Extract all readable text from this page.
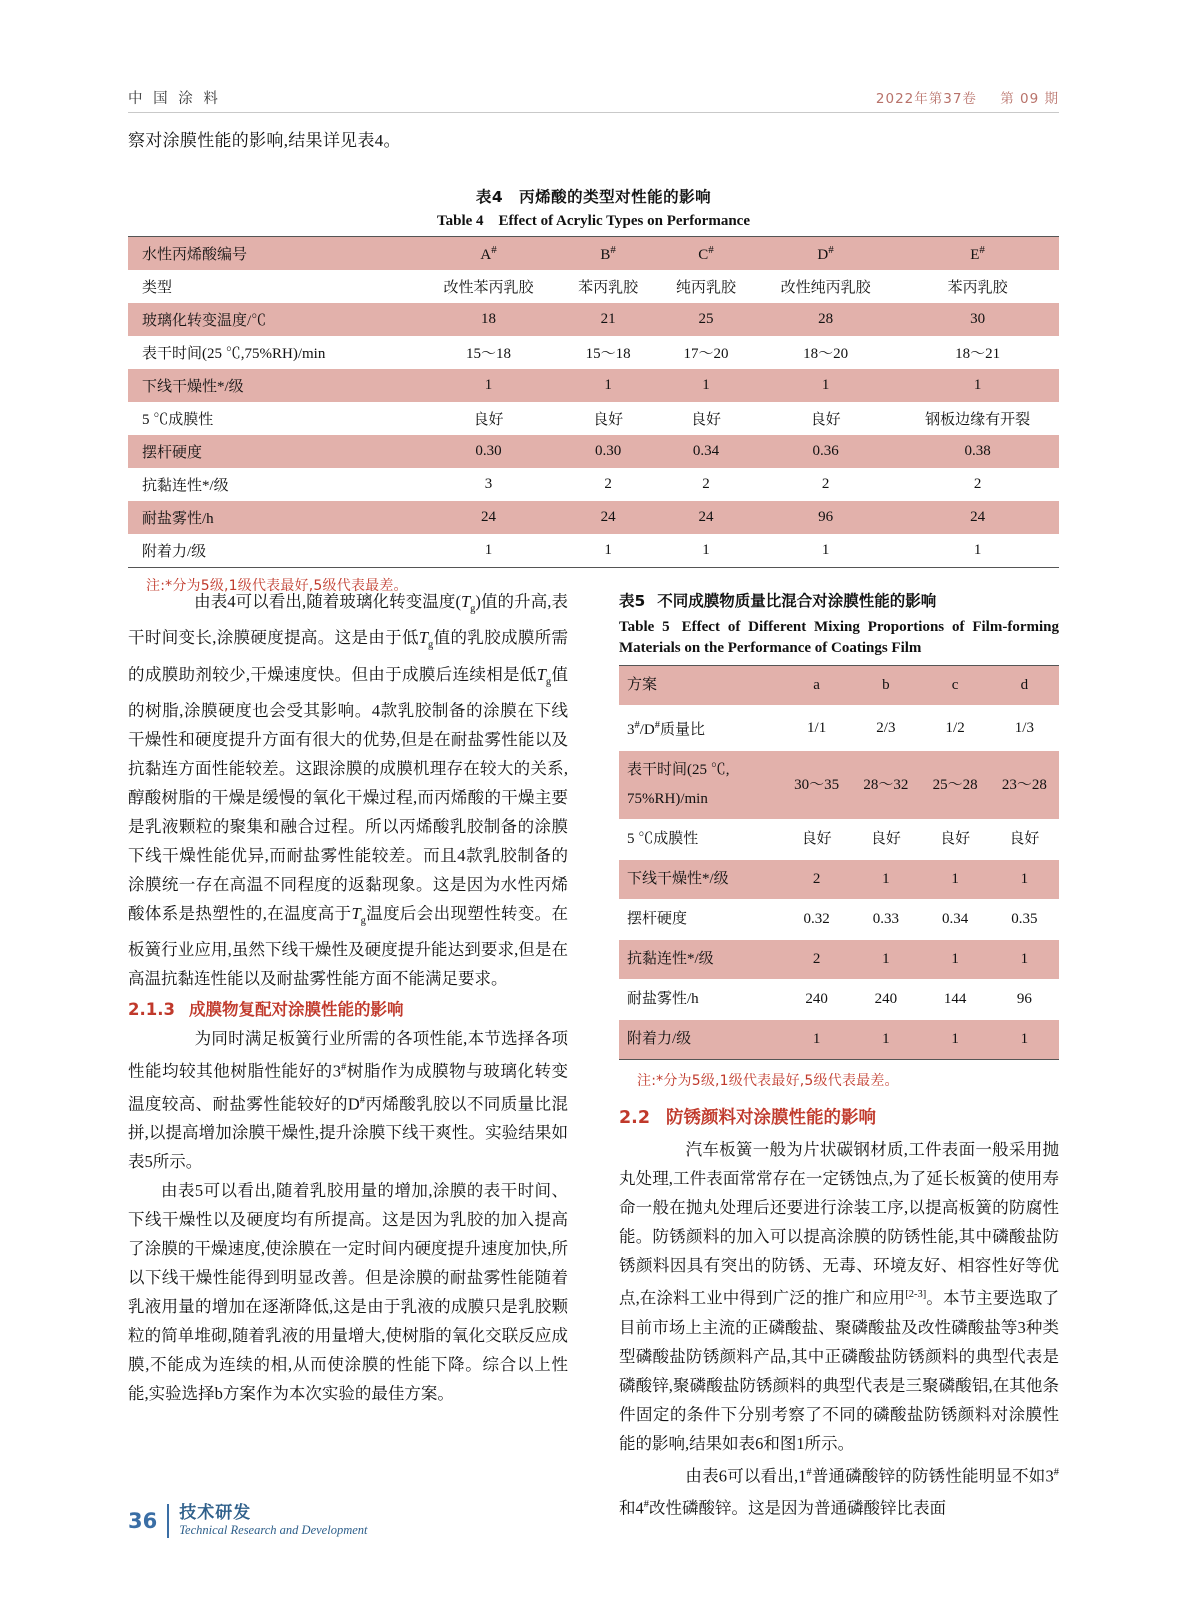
中 国 涂 料	2022年第37卷 第 09 期
察对涂膜性能的影响,结果详见表4。
表4　丙烯酸的类型对性能的影响
Table 4　Effect of Acrylic Types on Performance
水性丙烯酸编号	A#	B#	C#	D#	E#
类型	改性苯丙乳胶	苯丙乳胶	纯丙乳胶	改性纯丙乳胶	苯丙乳胶
玻璃化转变温度/℃	18	21	25	28	30
表干时间(25 ℃,75%RH)/min	15～18	15～18	17～20	18～20	18～21
下线干燥性*/级	1	1	1	1	1
5 ℃成膜性	良好	良好	良好	良好	钢板边缘有开裂
摆杆硬度	0.30	0.30	0.34	0.36	0.38
抗黏连性*/级	3	2	2	2	2
耐盐雾性/h	24	24	24	96	24
附着力/级	1	1	1	1	1
注:*分为5级,1级代表最好,5级代表最差。

　　由表4可以看出,随着玻璃化转变温度$(T_g)$值的升高,表干时间变长,涂膜硬度提高。这是由于低$T_g$值的乳胶成膜所需的成膜助剂较少,干燥速度快。但由于成膜后连续相是低$T_g$值的树脂,涂膜硬度也会受其影响。4款乳胶制备的涂膜在下线干燥性和硬度提升方面有很大的优势,但是在耐盐雾性能以及抗黏连方面性能较差。这跟涂膜的成膜机理存在较大的关系,醇酸树脂的干燥是缓慢的氧化干燥过程,而丙烯酸的干燥主要是乳液颗粒的聚集和融合过程。所以丙烯酸乳胶制备的涂膜下线干燥性能优异,而耐盐雾性能较差。而且4款乳胶制备的涂膜统一存在高温不同程度的返黏现象。这是因为水性丙烯酸体系是热塑性的,在温度高于$T_g$温度后会出现塑性转变。在板簧行业应用,虽然下线干燥性及硬度提升能达到要求,但是在高温抗黏连性能以及耐盐雾性能方面不能满足要求。

2.1.3 成膜物复配对涂膜性能的影响

　　为同时满足板簧行业所需的各项性能,本节选择各项性能均较其他树脂性能好的3#树脂作为成膜物与玻璃化转变温度较高、耐盐雾性能较好的D#丙烯酸乳胶以不同质量比混拼,以提高增加涂膜干燥性,提升涂膜下线干爽性。实验结果如表5所示。

由表5可以看出,随着乳胶用量的增加,涂膜的表干时间、下线干燥性以及硬度均有所提高。这是因为乳胶的加入提高了涂膜的干燥速度,使涂膜在一定时间内硬度提升速度加快,所以下线干燥性能得到明显改善。但是涂膜的耐盐雾性能随着乳液用量的增加在逐渐降低,这是由于乳液的成膜只是乳胶颗粒的简单堆砌,随着乳液的用量增大,使树脂的氧化交联反应成膜,不能成为连续的相,从而使涂膜的性能下降。综合以上性能,实验选择b方案作为本次实验的最佳方案。

表5 不同成膜物质量比混合对涂膜性能的影响
Table 5 Effect of Different Mixing Proportions of Film-forming Materials on the Performance of Coatings Film
方案	a	b	c	d
3#/D#质量比	1/1	2/3	1/2	1/3
表干时间(25 ℃,
75%RH)/min	30～35	28～32	25～28	23～28
5 ℃成膜性	良好	良好	良好	良好
下线干燥性*/级	2	1	1	1
摆杆硬度	0.32	0.33	0.34	0.35
抗黏连性*/级	2	1	1	1
耐盐雾性/h	240	240	144	96
附着力/级	1	1	1	1
注:*分为5级,1级代表最好,5级代表最差。

2.2 防锈颜料对涂膜性能的影响

　　汽车板簧一般为片状碳钢材质,工件表面一般采用抛丸处理,工件表面常常存在一定锈蚀点,为了延长板簧的使用寿命一般在抛丸处理后还要进行涂装工序,以提高板簧的防腐性能。防锈颜料的加入可以提高涂膜的防锈性能,其中磷酸盐防锈颜料因具有突出的防锈、无毒、环境友好、相容性好等优点,在涂料工业中得到广泛的推广和应用[2-3]。本节主要选取了目前市场上主流的正磷酸盐、聚磷酸盐及改性磷酸盐等3种类型磷酸盐防锈颜料产品,其中正磷酸盐防锈颜料的典型代表是磷酸锌,聚磷酸盐防锈颜料的典型代表是三聚磷酸铝,在其他条件固定的条件下分别考察了不同的磷酸盐防锈颜料对涂膜性能的影响,结果如表6和图1所示。

　　由表6可以看出,1#普通磷酸锌的防锈性能明显不如3#和4#改性磷酸锌。这是因为普通磷酸锌比表面

36 技术研发
Technical Research and Development
